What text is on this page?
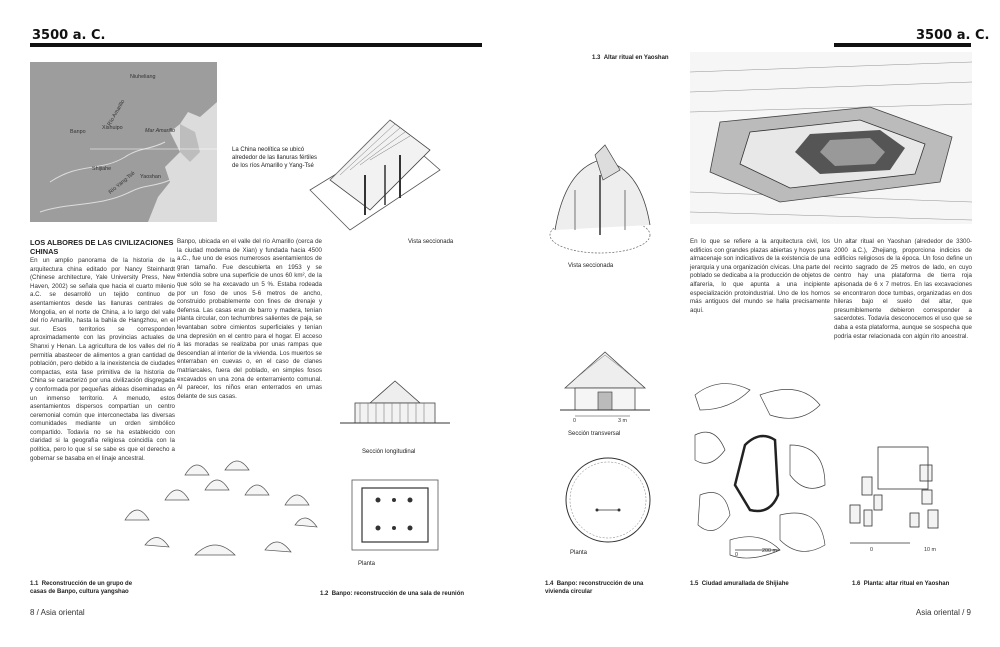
3500 a. C.
Niuheliang
Río Amarillo
Xishuipo
Banpo	Mar Amarillo
Shijiahe
Río Yang-Tsé Yaoshan
La China neolítica se ubicó alrededor de las llanuras fértiles de los ríos Amarillo y Yang-Tsé
Vista seccionada
LOS ALBORES DE LAS CIVILIZACIONES CHINAS
En un amplio panorama de la historia de la arquitectura china editado por Nancy Steinhardt (Chinese architecture, Yale University Press, New Haven, 2002) se señala que hacia el cuarto milenio a.C. se desarrolló un tejido continuo de asentamientos desde las llanuras centrales de Mongolia, en el norte de China, a lo largo del valle del río Amarillo, hasta la bahía de Hangzhou, en el sur. Esos territorios se corresponden aproximadamente con las provincias actuales de Shanxi y Henan. La agricultura de los valles del río permitía abastecer de alimentos a gran cantidad de población, pero debido a la inexistencia de ciudades compactas, esta fase primitiva de la historia de China se caracterizó por una civilización disgregada y conformada por pequeñas aldeas diseminadas en un inmenso territorio. A menudo, estos asentamientos dispersos compartían un centro ceremonial común que interconectaba las diversas comunidades mediante un orden simbólico compartido. Todavía no se ha establecido con claridad si la geografía religiosa coincidía con la política, pero lo que sí se sabe es que el derecho a gobernar se basaba en el linaje ancestral.
Banpo, ubicada en el valle del río Amarillo (cerca de la ciudad moderna de Xian) y fundada hacia 4500 a.C., fue uno de esos numerosos asentamientos de gran tamaño. Fue descubierta en 1953 y se extendía sobre una superficie de unos 60 km², de la que sólo se ha excavado un 5 %. Estaba rodeada por un foso de unos 5-6 metros de ancho, construido probablemente con fines de drenaje y defensa. Las casas eran de barro y madera, tenían planta circular, con techumbres salientes de paja, se levantaban sobre cimientos superficiales y tenían una depresión en el centro para el hogar. El acceso a las moradas se realizaba por unas rampas que descendían al interior de la vivienda. Los muertos se enterraban en cuevas o, en el caso de clanes matriarcales, fuera del poblado, en simples fosos excavados en una zona de enterramiento comunal. Al parecer, los niños eran enterrados en urnas delante de sus casas.
Sección longitudinal
Planta
1.1 Reconstrucción de un grupo de casas de Banpo, cultura yangshao	1.2 Banpo: reconstrucción de una sala de reunión
8 / Asia oriental
3500 a. C.
1.3 Altar ritual en Yaoshan
Vista seccionada
En lo que se refiere a la arquitectura civil, los edificios con grandes plazas abiertas y hoyos para almacenaje son indicativos de la existencia de una jerarquía y una organización cívicas. Una parte del poblado se dedicaba a la producción de objetos de alfarería, lo que apunta a una incipiente especialización protoindustrial. Uno de los hornos más antiguos del mundo se halla precisamente aquí.
Un altar ritual en Yaoshan (alrededor de 3300-2000 a.C.), Zhejiang, proporciona indicios de edificios religiosos de la época. Un foso define un recinto sagrado de 25 metros de lado, en cuyo centro hay una plataforma de tierra roja apisonada de 6 x 7 metros. En las excavaciones se encontraron doce tumbas, organizadas en dos hileras bajo el suelo del altar, que presumiblemente debieron corresponder a sacerdotes. Todavía desconocemos el uso que se daba a esta plataforma, aunque se sospecha que podría estar relacionada con algún rito ancestral.
0	3 m
Sección transversal
Planta	0
200 m	0	10 m
1.4 Banpo: reconstrucción de una vivienda circular
1.5 Ciudad amurallada de Shijiahe	1.6 Planta: altar ritual en Yaoshan
Asia oriental / 9
